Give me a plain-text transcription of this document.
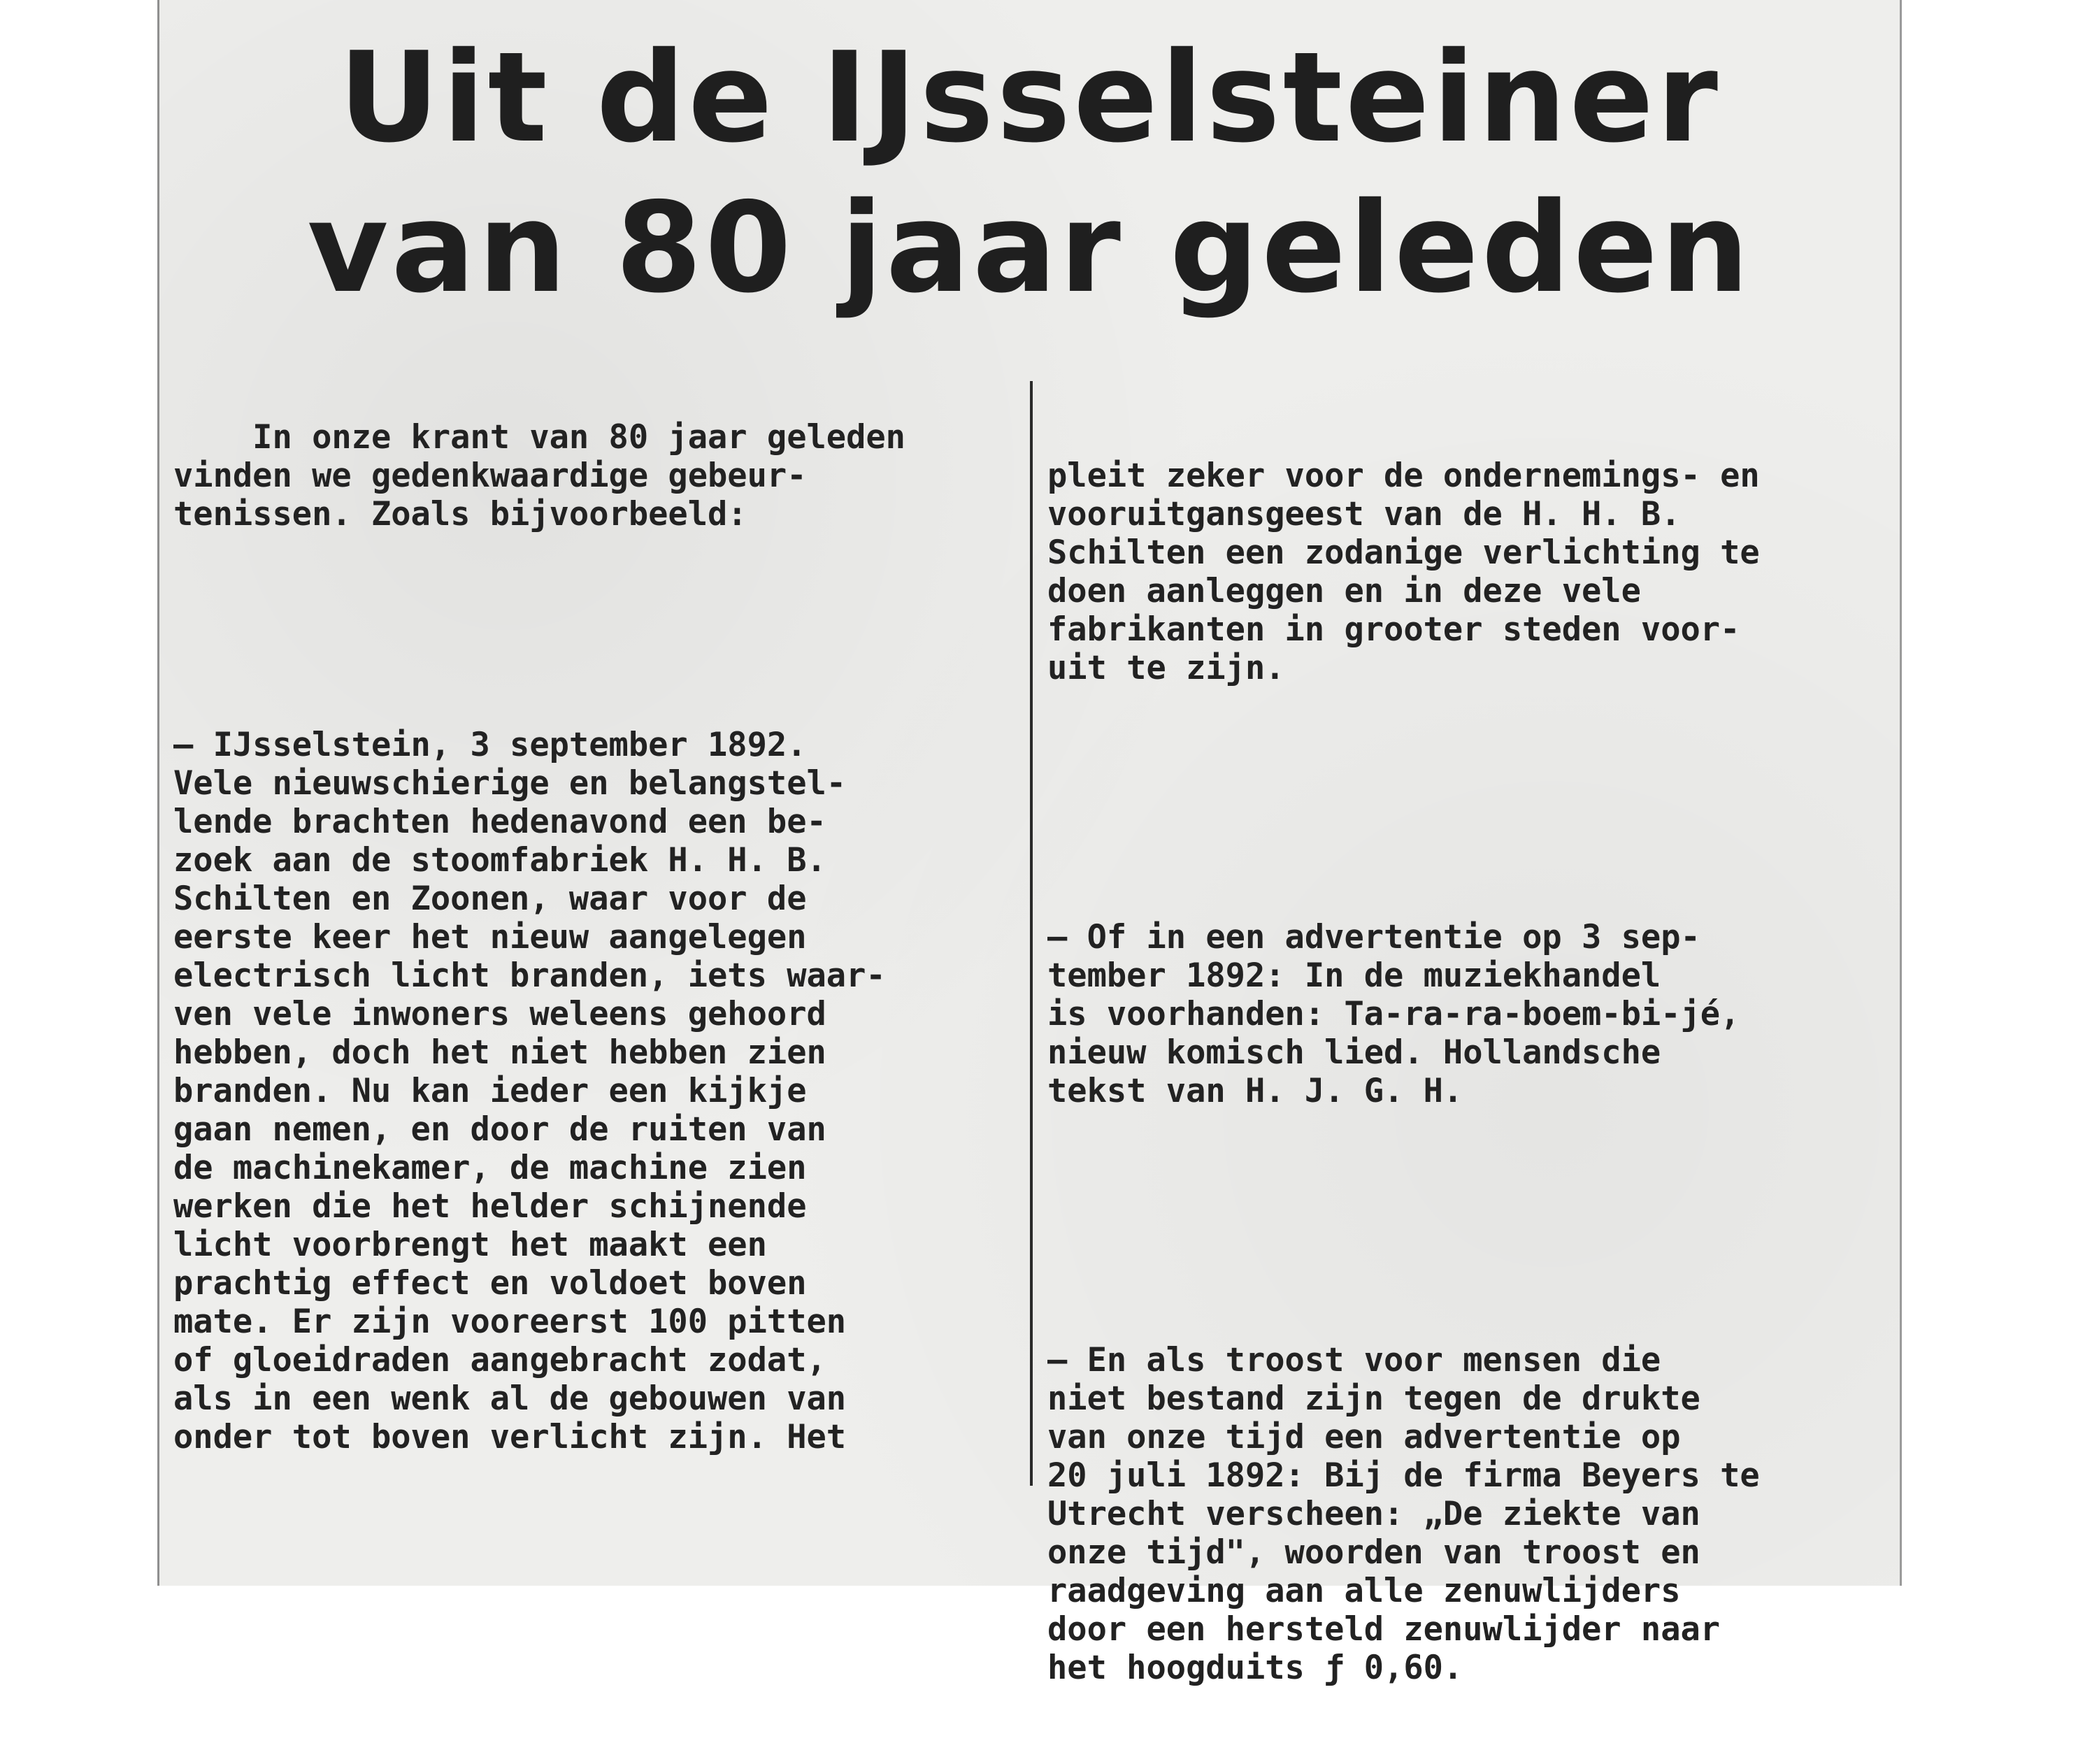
Uit de IJsselsteiner
van 80 jaar geleden

In onze krant van 80 jaar geleden
vinden we gedenkwaardige gebeur-
tenissen. Zoals bijvoorbeeld:

— IJsselstein, 3 september 1892.
Vele nieuwschierige en belangstel-
lende brachten hedenavond een be-
zoek aan de stoomfabriek H. H. B.
Schilten en Zoonen, waar voor de
eerste keer het nieuw aangelegen
electrisch licht branden, iets waar-
ven vele inwoners weleens gehoord
hebben, doch het niet hebben zien
branden. Nu kan ieder een kijkje
gaan nemen, en door de ruiten van
de machinekamer, de machine zien
werken die het helder schijnende
licht voorbrengt het maakt een
prachtig effect en voldoet boven
mate. Er zijn vooreerst 100 pitten
of gloeidraden aangebracht zodat,
als in een wenk al de gebouwen van
onder tot boven verlicht zijn. Het

pleit zeker voor de ondernemings- en
vooruitgansgeest van de H. H. B.
Schilten een zodanige verlichting te
doen aanleggen en in deze vele
fabrikanten in grooter steden voor-
uit te zijn.

— Of in een advertentie op 3 sep-
tember 1892: In de muziekhandel
is voorhanden: Ta-ra-ra-boem-bi-jé,
nieuw komisch lied. Hollandsche
tekst van H. J. G. H.

— En als troost voor mensen die
niet bestand zijn tegen de drukte
van onze tijd een advertentie op
20 juli 1892: Bij de firma Beyers te
Utrecht verscheen: „De ziekte van
onze tijd", woorden van troost en
raadgeving aan alle zenuwlijders
door een hersteld zenuwlijder naar
het hoogduits ƒ 0,60.
